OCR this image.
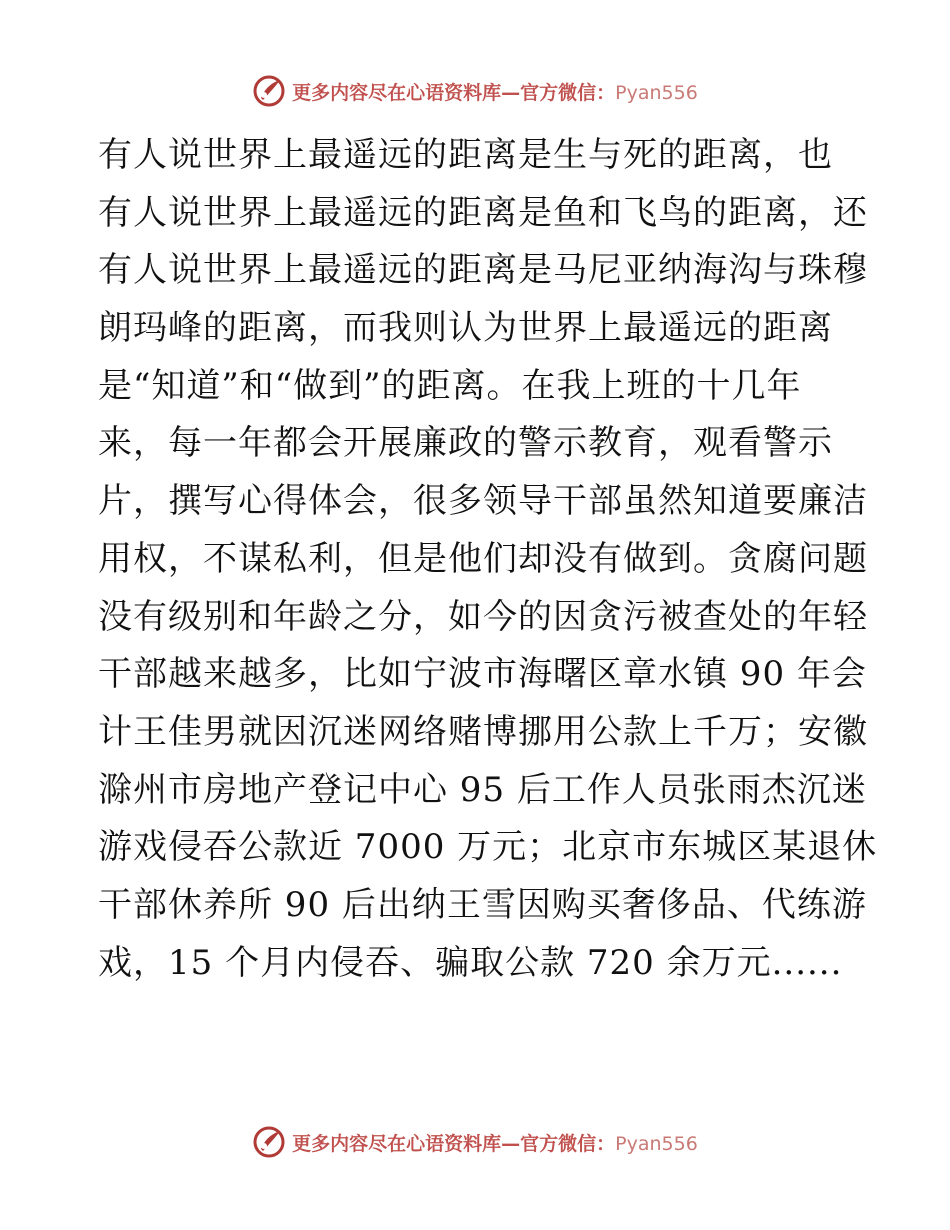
更多内容尽在心语资料库—官方微信：Pyan556
有人说世界上最遥远的距离是生与死的距离，也
有人说世界上最遥远的距离是鱼和飞鸟的距离，还
有人说世界上最遥远的距离是马尼亚纳海沟与珠穆
朗玛峰的距离，而我则认为世界上最遥远的距离
是“知道”和“做到”的距离。在我上班的十几年
来，每一年都会开展廉政的警示教育，观看警示
片，撰写心得体会，很多领导干部虽然知道要廉洁
用权，不谋私利，但是他们却没有做到。贪腐问题
没有级别和年龄之分，如今的因贪污被查处的年轻
干部越来越多，比如宁波市海曙区章水镇 90 年会
计王佳男就因沉迷网络赌博挪用公款上千万；安徽
滁州市房地产登记中心 95 后工作人员张雨杰沉迷
游戏侵吞公款近 7000 万元；北京市东城区某退休
干部休养所 90 后出纳王雪因购买奢侈品、代练游
戏，15 个月内侵吞、骗取公款 720 余万元......
更多内容尽在心语资料库—官方微信：Pyan556
